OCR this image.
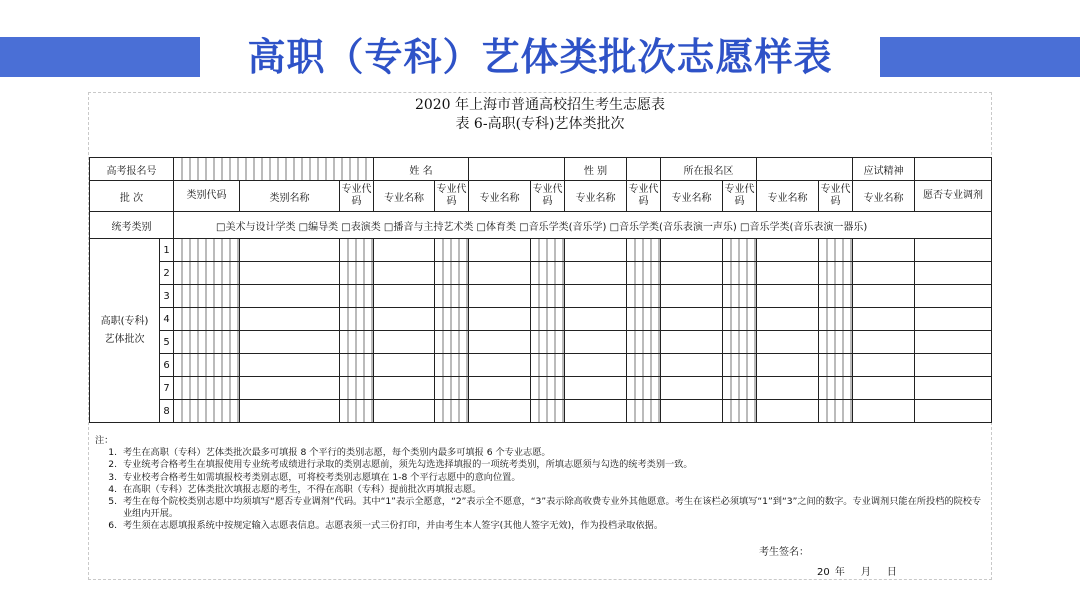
高职（专科）艺体类批次志愿样表
2020 年上海市普通高校招生考生志愿表
表 6-高职(专科)艺体类批次
高考报名号					姓 名				性 别		所在报名区				应试精神	
批 次		类别代码	类别名称	专业代码	专业名称	专业代码	专业名称	专业代码	专业名称	专业代码	专业名称	专业代码	专业名称	专业代码	专业名称	愿否专业调剂
统考类别		□美术与设计学类 □编导类 □表演类 □播音与主持艺术类 □体育类 □音乐学类(音乐学) □音乐学类(音乐表演一声乐) □音乐学类(音乐表演一器乐)														

高职(专科)
艺体批次	1															
	2															
	3															
	4															
	5															
	6															
	7															
	8															
注：
1. 考生在高职（专科）艺体类批次最多可填报 8 个平行的类别志愿，每个类别内最多可填报 6 个专业志愿。
2. 专业统考合格考生在填报使用专业统考成绩进行录取的类别志愿前，须先勾选选择填报的一项统考类别，所填志愿须与勾选的统考类别一致。
3. 专业校考合格考生如需填报校考类别志愿，可将校考类别志愿填在 1-8 个平行志愿中的意向位置。
4. 在高职（专科）艺体类批次填报志愿的考生，不得在高职（专科）提前批次再填报志愿。
5. 考生在每个院校类别志愿中均须填写“愿否专业调剂”代码。其中“1”表示全愿意，“2”表示全不愿意，“3”表示除高收费专业外其他愿意。考生在该栏必须填写“1”到“3”之间的数字。专业调剂只能在所投档的院校专业组内开展。
6. 考生须在志愿填报系统中按规定输入志愿表信息。志愿表须一式三份打印，并由考生本人签字(其他人签字无效)，作为投档录取依据。
考生签名：
20 年 月 日
